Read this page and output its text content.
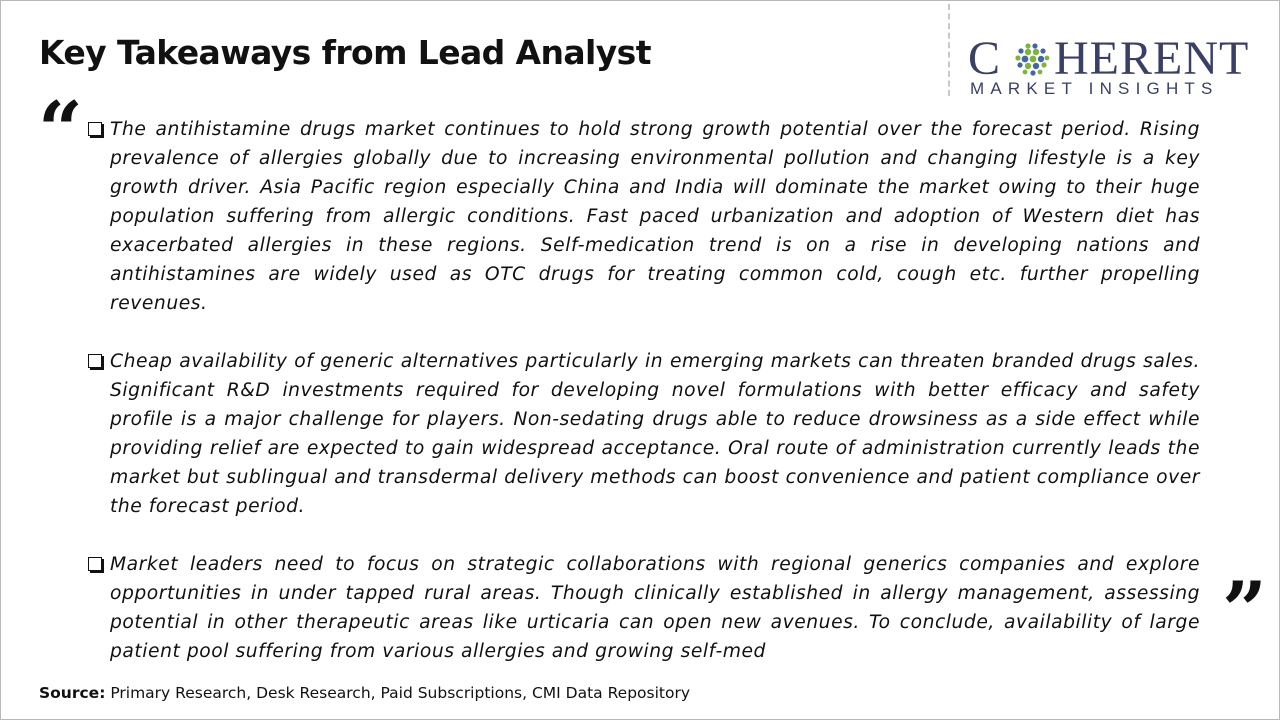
Key Takeaways from Lead Analyst	C HERENT
MARKET INSIGHTS
“ The antihistamine drugs market continues to hold strong growth potential over the forecast period. Rising prevalence of allergies globally due to increasing environmental pollution and changing lifestyle is a key growth driver. Asia Pacific region especially China and India will dominate the market owing to their huge population suffering from allergic conditions. Fast paced urbanization and adoption of Western diet has exacerbated allergies in these regions. Self-medication trend is on a rise in developing nations and antihistamines are widely used as OTC drugs for treating common cold, cough etc. further propelling revenues.

Cheap availability of generic alternatives particularly in emerging markets can threaten branded drugs sales. Significant R&D investments required for developing novel formulations with better efficacy and safety profile is a major challenge for players. Non-sedating drugs able to reduce drowsiness as a side effect while providing relief are expected to gain widespread acceptance. Oral route of administration currently leads the market but sublingual and transdermal delivery methods can boost convenience and patient compliance over the forecast period.

Market leaders need to focus on strategic collaborations with regional generics companies and explore opportunities in under tapped rural areas. Though clinically established in allergy management, assessing potential in other therapeutic areas like urticaria can open new avenues. To conclude, availability of large patient pool suffering from various allergies and growing self-med	”
Source: Primary Research, Desk Research, Paid Subscriptions, CMI Data Repository
